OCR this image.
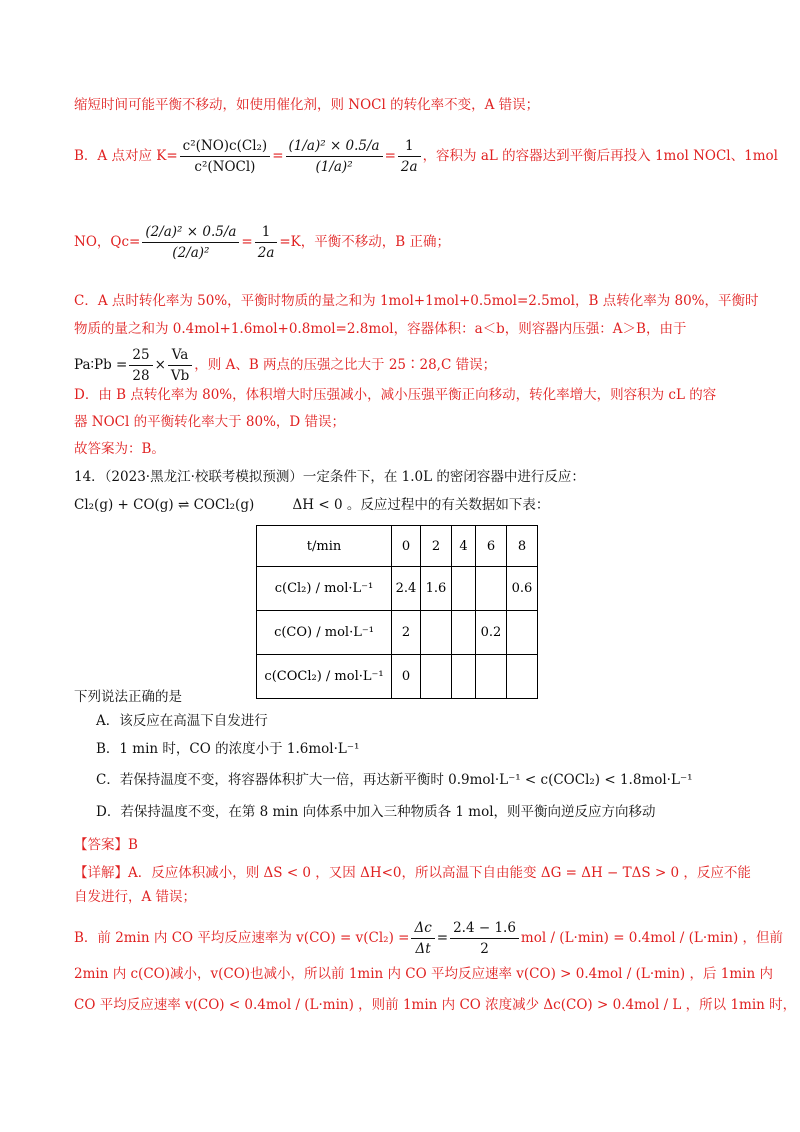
缩短时间可能平衡不移动，如使用催化剂，则 NOCl 的转化率不变，A 错误；
B．A 点对应 $K= \frac{\text{c²(NO)c(Cl₂)}}{\text{c²(NOCl)}} = \frac{\text{(1/a)² × 0.5/a}}{\text{(1/a)²}} = \frac{1}{2a}$ ，容积为 aL 的容器达到平衡后再投入 1mol NOCl、1mol
NO，$Qc= \frac{\text{(2/a)² × 0.5/a}}{\text{(2/a)²}} = \frac{1}{2a} =K$，平衡不移动，B 正确；
C．A 点时转化率为 50%，平衡时物质的量之和为 1mol+1mol+0.5mol=2.5mol，B 点转化率为 80%，平衡时
物质的量之和为 0.4mol+1.6mol+0.8mol=2.8mol，容器体积：a＜b，则容器内压强：A＞B，由于
Pa∶Pb = $\frac{25}{28} \times \frac{Va}{Vb}$ ，则 A、B 两点的压强之比大于 25∶28,C 错误；
D．由 B 点转化率为 80%，体积增大时压强减小，减小压强平衡正向移动，转化率增大，则容积为 cL 的容
器 NOCl 的平衡转化率大于 80%，D 错误；
故答案为：B。
14．（2023·黑龙江·校联考模拟预测）一定条件下，在 1.0L 的密闭容器中进行反应：
Cl₂(g) + CO(g) ⇌ COCl₂(g)	ΔH < 0 。反应过程中的有关数据如下表：
t/min	0	2	4	6	8
c(Cl₂) / mol·L⁻¹	2.4	1.6			0.6
c(CO) / mol·L⁻¹	2			0.2	
c(COCl₂) / mol·L⁻¹	0				
下列说法正确的是
A．该反应在高温下自发进行
B．1 min 时，CO 的浓度小于 1.6mol·L⁻¹
C．若保持温度不变，将容器体积扩大一倍，再达新平衡时 0.9mol·L⁻¹ < c(COCl₂) < 1.8mol·L⁻¹
D．若保持温度不变，在第 8 min 向体系中加入三种物质各 1 mol，则平衡向逆反应方向移动
【答案】B
【详解】A．反应体积减小，则 ΔS < 0 ，又因 ΔH<0，所以高温下自由能变 ΔG = ΔH − TΔS > 0 ，反应不能
自发进行，A 错误；
B．前 2min 内 CO 平均反应速率为 $v(CO) = v(Cl_2) = \frac{\Delta c}{\Delta t} = \frac{2.4 - 1.6}{2}$ mol / (L·min) = 0.4mol / (L·min) ，但前
2min 内 c(CO)减小，v(CO)也减小，所以前 1min 内 CO 平均反应速率 v(CO) > 0.4mol / (L·min) ，后 1min 内
CO 平均反应速率 v(CO) < 0.4mol / (L·min) ，则前 1min 内 CO 浓度减少 Δc(CO) > 0.4mol / L ，所以 1min 时，
